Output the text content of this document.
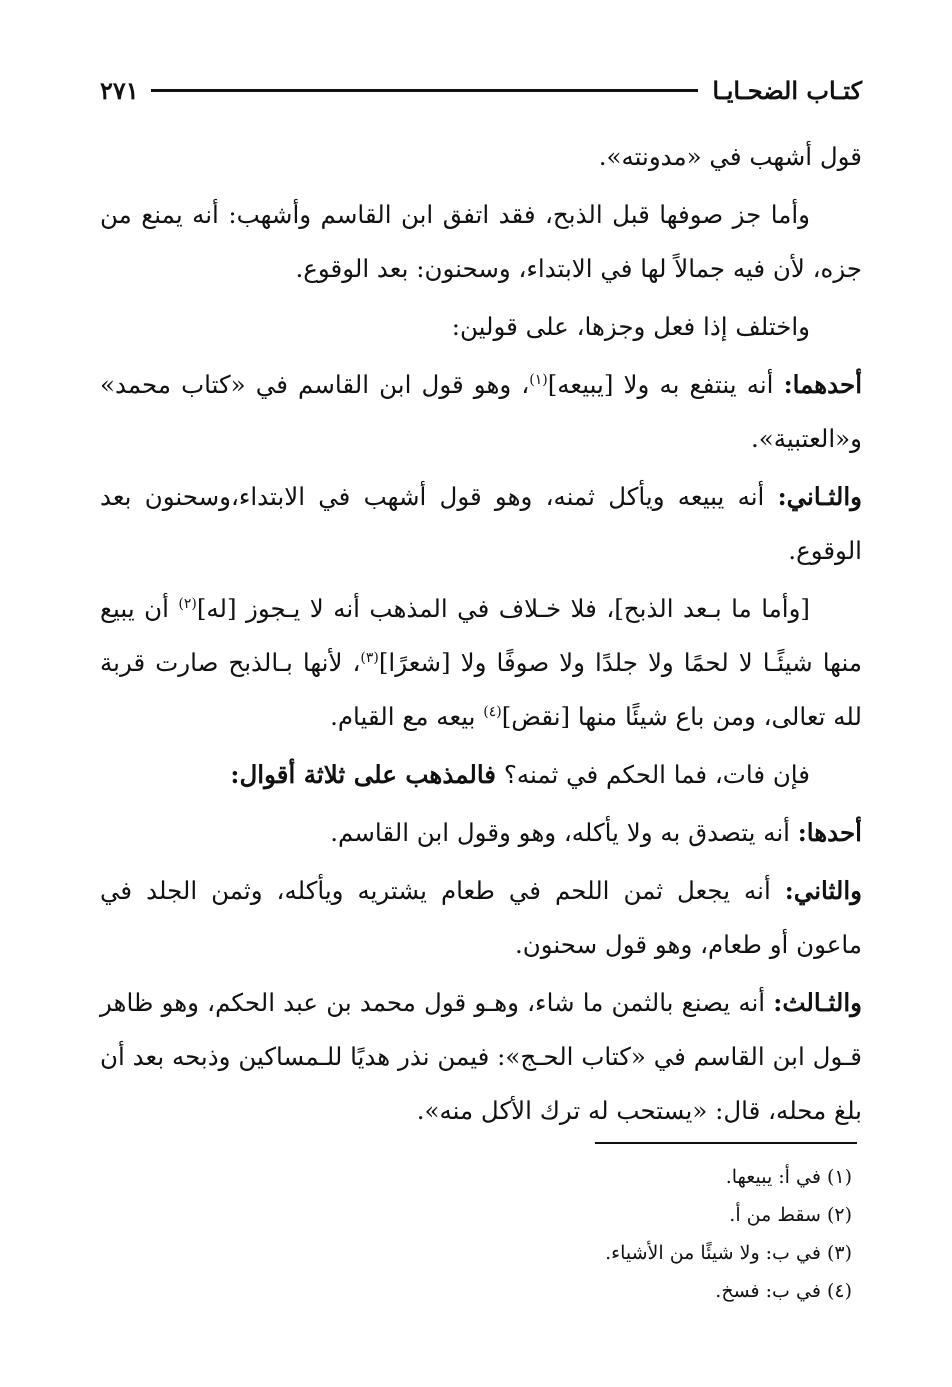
كتـاب الضحـايـا
٢٧١

قول أشهب في «مدونته».

وأما جز صوفها قبل الذبح، فقد اتفق ابن القاسم وأشهب: أنه يمنع من جزه، لأن فيه جمالاً لها في الابتداء، وسحنون: بعد الوقوع.

واختلف إذا فعل وجزها، على قولين:

أحدهما: أنه ينتفع به ولا [يبيعه]$^{(١)}$، وهو قول ابن القاسم في «كتاب محمد» و«العتبية».

والثـاني: أنه يبيعه ويأكل ثمنه، وهو قول أشهب في الابتداء،وسحنون بعد الوقوع.

[وأما ما بـعد الذبح]، فلا خـلاف في المذهب أنه لا يـجوز [له]$^{(٢)}$ أن يبيع منها شيئًـا لا لحمًا ولا جلدًا ولا صوفًا ولا [شعرًا]$^{(٣)}$، لأنها بـالذبح صارت قربة لله تعالى، ومن باع شيئًا منها [نقض]$^{(٤)}$ بيعه مع القيام.

فإن فات، فما الحكم في ثمنه؟ فالمذهب على ثلاثة أقوال:

أحدها: أنه يتصدق به ولا يأكله، وهو وقول ابن القاسم.

والثاني: أنه يجعل ثمن اللحم في طعام يشتريه ويأكله، وثمن الجلد في ماعون أو طعام، وهو قول سحنون.

والثـالث: أنه يصنع بالثمن ما شاء، وهـو قول محمد بن عبد الحكم، وهو ظاهر قـول ابن القاسم في «كتاب الحـج»: فيمن نذر هديًا للـمساكين وذبحه بعد أن بلغ محله، قال: «يستحب له ترك الأكل منه».

(١) في أ: يبيعها.

(٢) سقط من أ.

(٣) في ب: ولا شيئًا من الأشياء.

(٤) في ب: فسخ.
